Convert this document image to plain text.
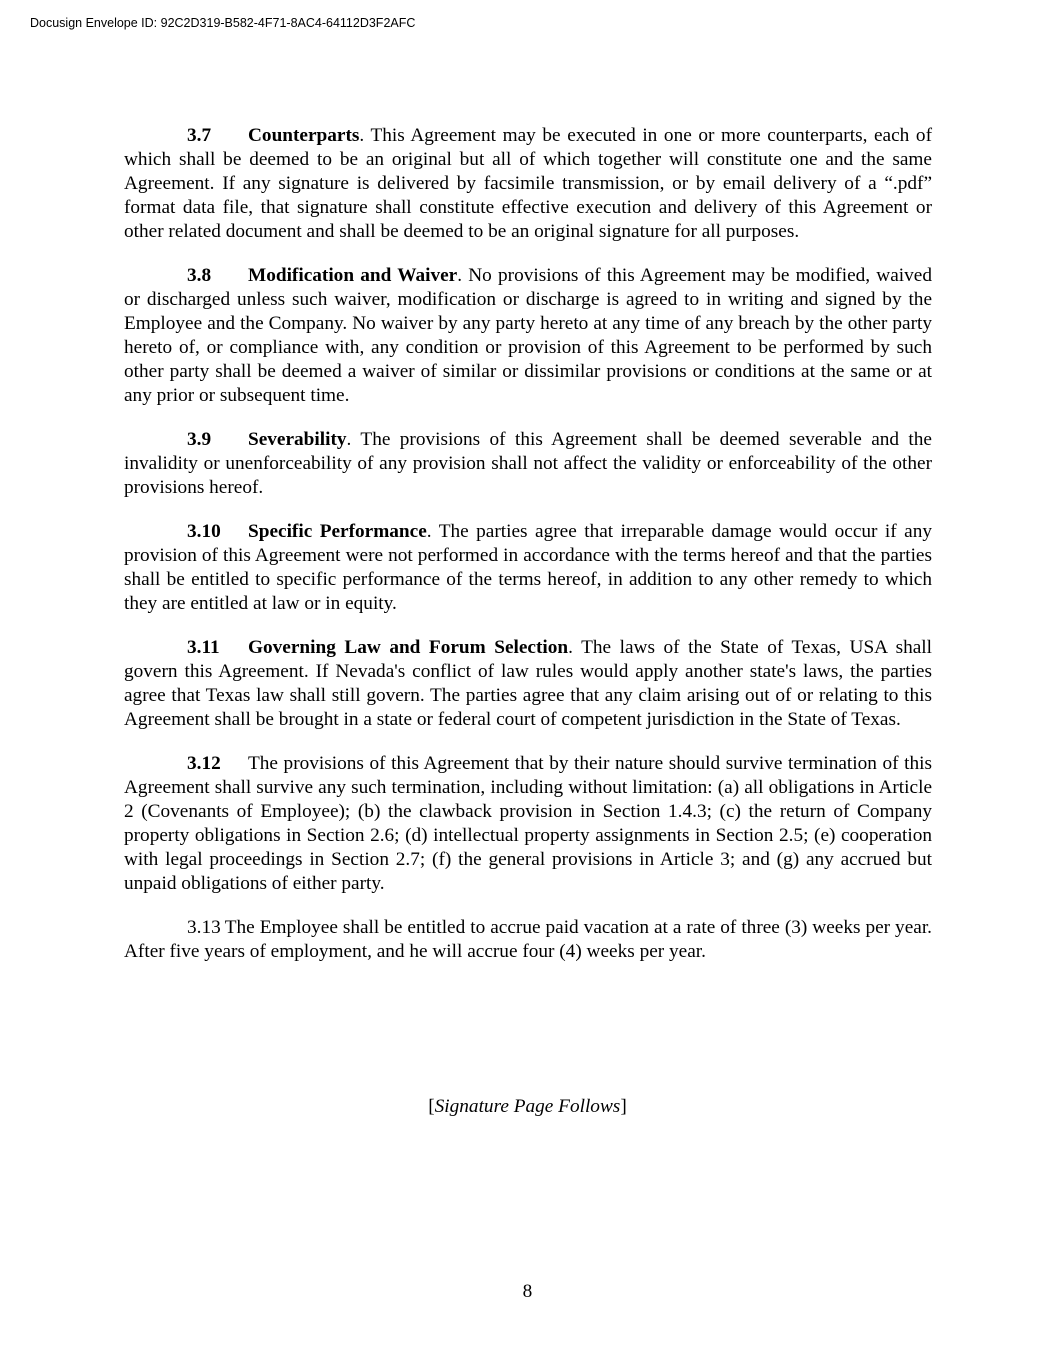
Docusign Envelope ID: 92C2D319-B582-4F71-8AC4-64112D3F2AFC

3.7 Counterparts. This Agreement may be executed in one or more counterparts, each of which shall be deemed to be an original but all of which together will constitute one and the same Agreement. If any signature is delivered by facsimile transmission, or by email delivery of a “.pdf” format data file, that signature shall constitute effective execution and delivery of this Agreement or other related document and shall be deemed to be an original signature for all purposes.

3.8 Modification and Waiver. No provisions of this Agreement may be modified, waived or discharged unless such waiver, modification or discharge is agreed to in writing and signed by the Employee and the Company. No waiver by any party hereto at any time of any breach by the other party hereto of, or compliance with, any condition or provision of this Agreement to be performed by such other party shall be deemed a waiver of similar or dissimilar provisions or conditions at the same or at any prior or subsequent time.

3.9 Severability. The provisions of this Agreement shall be deemed severable and the invalidity or unenforceability of any provision shall not affect the validity or enforceability of the other provisions hereof.

3.10 Specific Performance. The parties agree that irreparable damage would occur if any provision of this Agreement were not performed in accordance with the terms hereof and that the parties shall be entitled to specific performance of the terms hereof, in addition to any other remedy to which they are entitled at law or in equity.

3.11 Governing Law and Forum Selection. The laws of the State of Texas, USA shall govern this Agreement. If Nevada's conflict of law rules would apply another state's laws, the parties agree that Texas law shall still govern. The parties agree that any claim arising out of or relating to this Agreement shall be brought in a state or federal court of competent jurisdiction in the State of Texas.

3.12 The provisions of this Agreement that by their nature should survive termination of this Agreement shall survive any such termination, including without limitation: (a) all obligations in Article 2 (Covenants of Employee); (b) the clawback provision in Section 1.4.3; (c) the return of Company property obligations in Section 2.6; (d) intellectual property assignments in Section 2.5; (e) cooperation with legal proceedings in Section 2.7; (f) the general provisions in Article 3; and (g) any accrued but unpaid obligations of either party.

3.13 The Employee shall be entitled to accrue paid vacation at a rate of three (3) weeks per year. After five years of employment, and he will accrue four (4) weeks per year.

[Signature Page Follows]
8
